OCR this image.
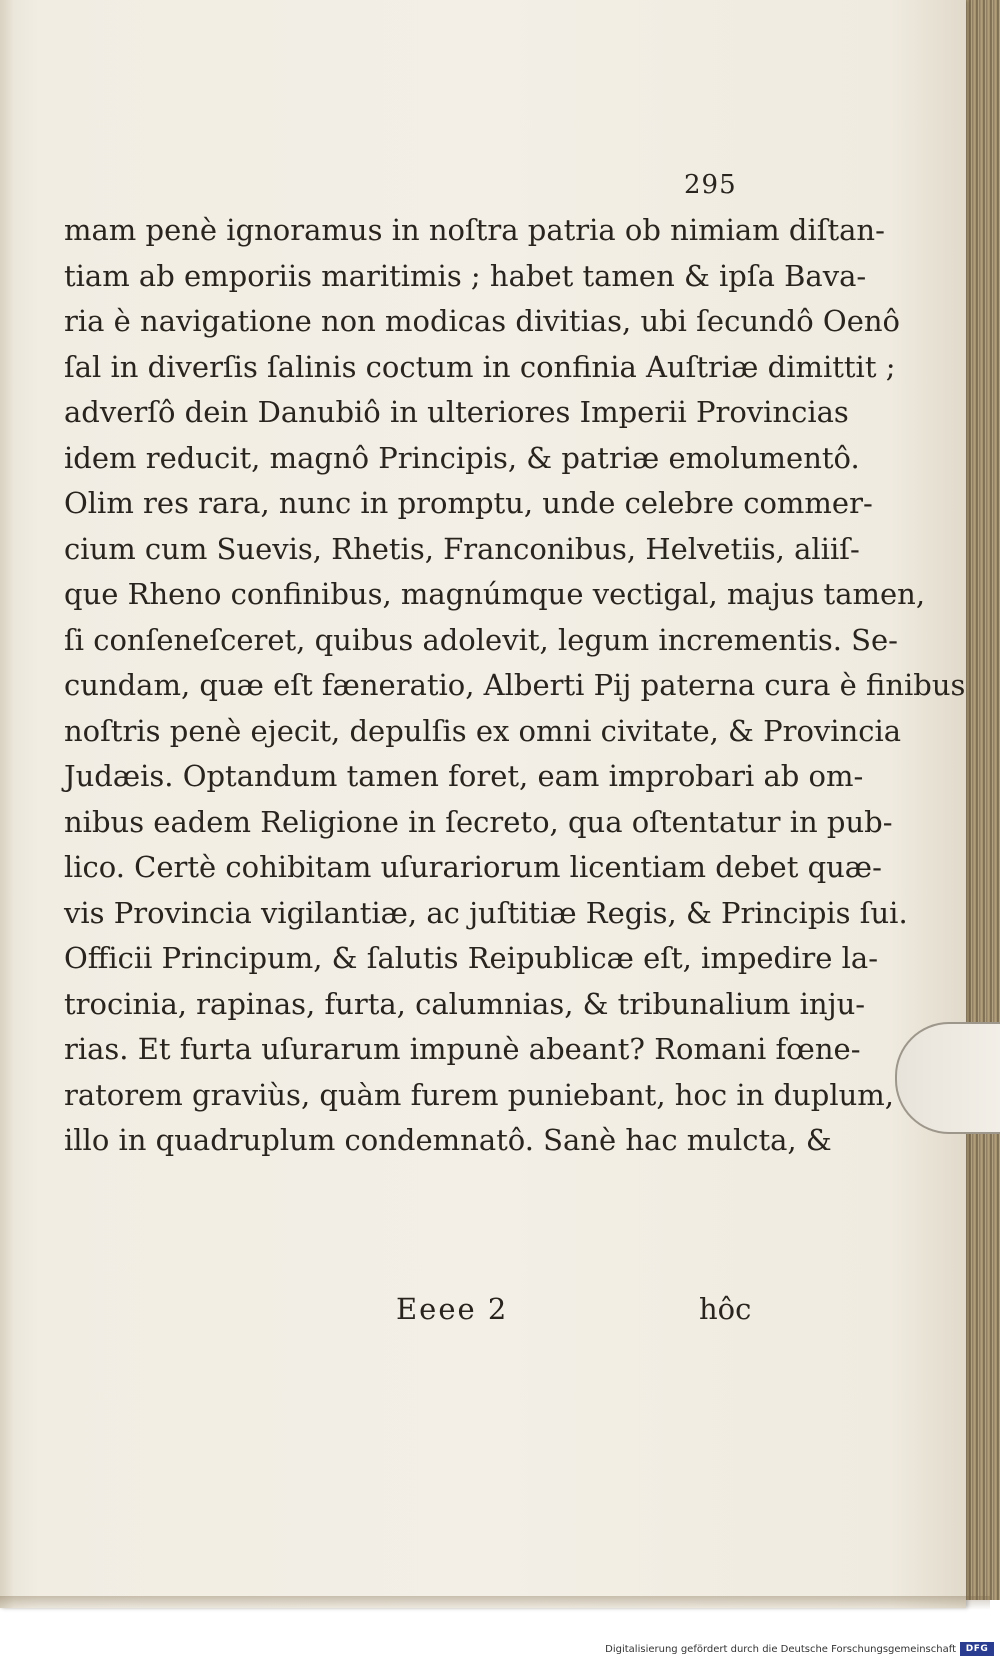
295
mam penè ignoramus in noſtra patria ob nimiam diſtan-
tiam ab emporiis maritimis ; habet tamen & ipſa Bava-
ria è navigatione non modicas divitias, ubi ſecundô Oenô
ſal in diverſis ſalinis coctum in confinia Auſtriæ dimittit ;
adverſô dein Danubiô in ulteriores Imperii Provincias
idem reducit, magnô Principis, & patriæ emolumentô.
Olim res rara, nunc in promptu, unde celebre commer-
cium cum Suevis, Rhetis, Franconibus, Helvetiis, aliiſ-
que Rheno confinibus, magnúmque vectigal, majus tamen,
ſi conſeneſceret, quibus adolevit, legum incrementis. Se-
cundam, quæ eſt fæneratio, Alberti Pij paterna cura è finibus
noſtris penè ejecit, depulſis ex omni civitate, & Provincia
Judæis. Optandum tamen foret, eam improbari ab om-
nibus eadem Religione in ſecreto, qua oſtentatur in pub-
lico. Certè cohibitam uſurariorum licentiam debet quæ-
vis Provincia vigilantiæ, ac juſtitiæ Regis, & Principis ſui.
Officii Principum, & ſalutis Reipublicæ eſt, impedire la-
trocinia, rapinas, furta, calumnias, & tribunalium inju-
rias. Et furta uſurarum impunè abeant? Romani fœne-
ratorem graviùs, quàm furem puniebant, hoc in duplum,
illo in quadruplum condemnatô. Sanè hac mulcta, &
Eeee 2	hôc
Digitalisierung gefördert durch die Deutsche Forschungsgemeinschaft	DFG
